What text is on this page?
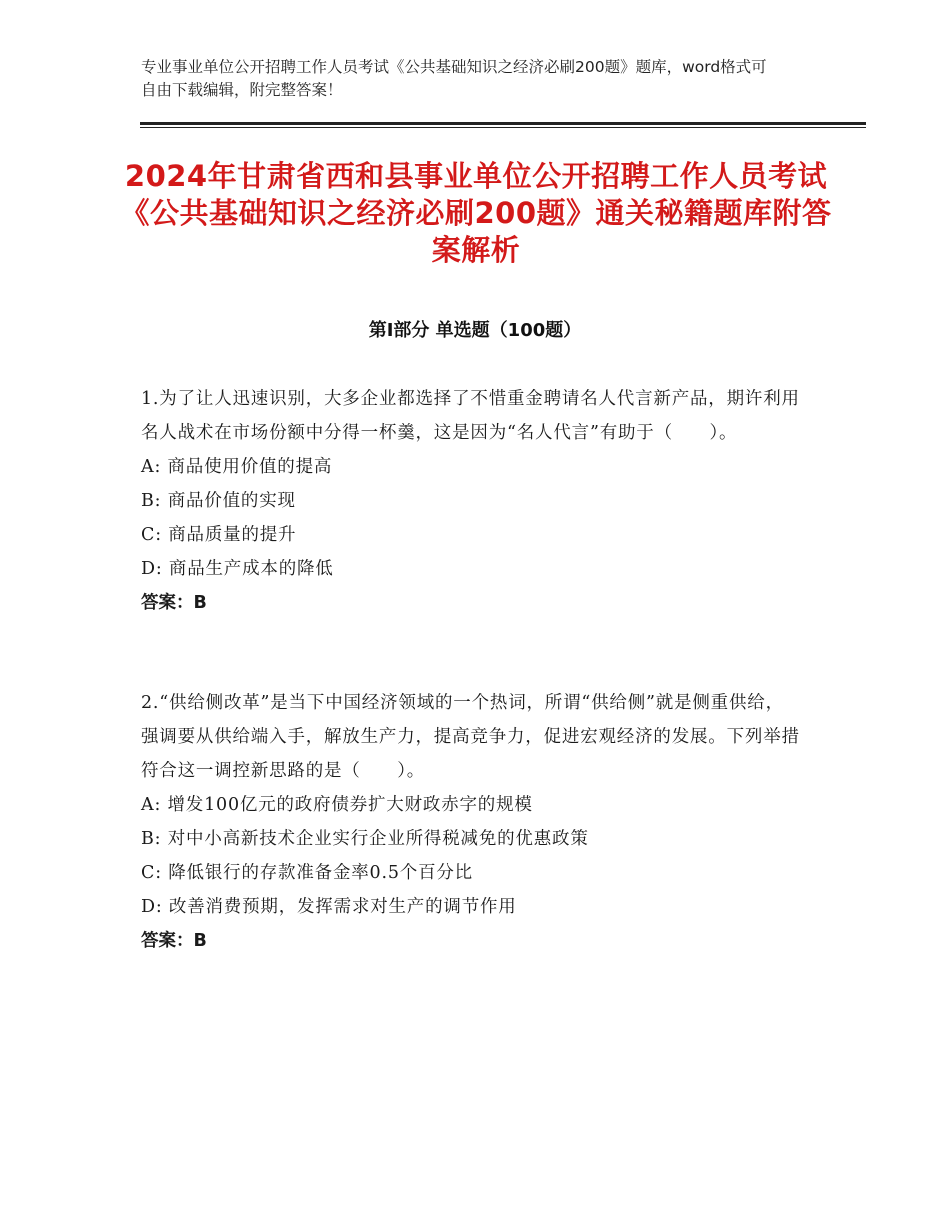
专业事业单位公开招聘工作人员考试《公共基础知识之经济必刷200题》题库，word格式可自由下载编辑，附完整答案！
2024年甘肃省西和县事业单位公开招聘工作人员考试《公共基础知识之经济必刷200题》通关秘籍题库附答案解析
第Ⅰ部分 单选题（100题）
1.为了让人迅速识别，大多企业都选择了不惜重金聘请名人代言新产品，期许利用名人战术在市场份额中分得一杯羹，这是因为“名人代言”有助于（　　）。
A: 商品使用价值的提高
B: 商品价值的实现
C: 商品质量的提升
D: 商品生产成本的降低
答案：B
2.“供给侧改革”是当下中国经济领域的一个热词，所谓“供给侧”就是侧重供给，强调要从供给端入手，解放生产力，提高竞争力，促进宏观经济的发展。下列举措符合这一调控新思路的是（　　）。
A: 增发100亿元的政府债券扩大财政赤字的规模
B: 对中小高新技术企业实行企业所得税减免的优惠政策
C: 降低银行的存款准备金率0.5个百分比
D: 改善消费预期，发挥需求对生产的调节作用
答案：B
